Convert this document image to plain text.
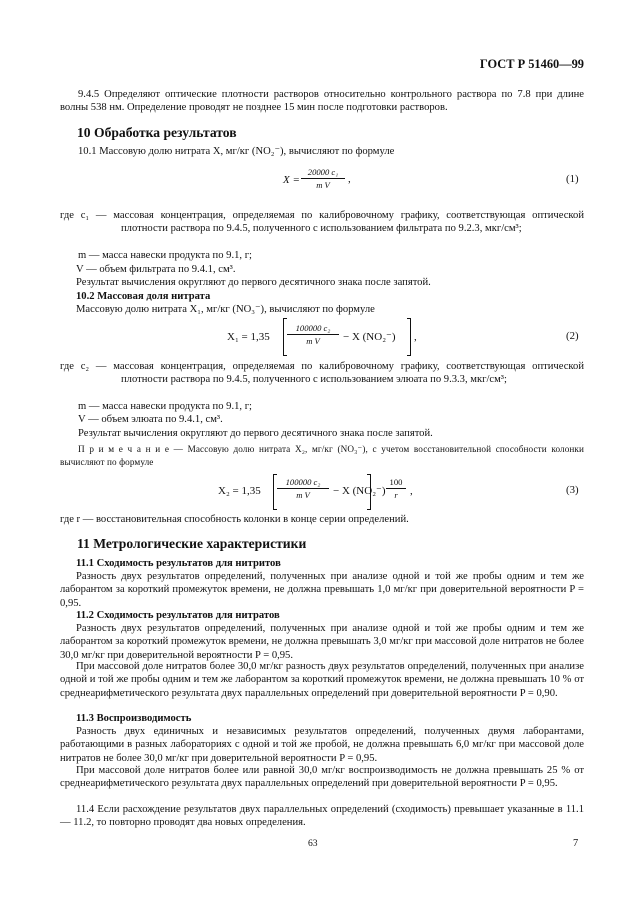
ГОСТ Р 51460—99
9.4.5 Определяют оптические плотности растворов относительно контрольного раствора по 7.8 при длине волны 538 нм. Определение проводят не позднее 15 мин после подготовки растворов.
10 Обработка результатов
10.1 Массовую долю нитрата X, мг/кг (NO₂⁻), вычисляют по формуле
$X = \frac{\text{20000 c₁}}{\text{m V}}$ ,	(1)
где c₁ — массовая концентрация, определяемая по калибровочному графику, соответствующая оптической плотности раствора по 9.4.5, полученного с использованием фильтрата по 9.2.3, мкг/см³;
m — масса навески продукта по 9.1, г;
V — объем фильтрата по 9.4.1, см³.
Результат вычисления округляют до первого десятичного знака после запятой.
10.2 Массовая доля нитрата
Массовую долю нитрата X₁, мг/кг (NO₃⁻), вычисляют по формуле
$X_1 = 1,35 \frac{\text{100000 c₂}}{\text{m V}} - X$ (NO₂⁻) ,	(2)
где c₂ — массовая концентрация, определяемая по калибровочному графику, соответствующая оптической плотности раствора по 9.4.5, полученного с использованием элюата по 9.3.3, мкг/см³;
m — масса навески продукта по 9.1, г;
V — объем элюата по 9.4.1, см³.
Результат вычисления округляют до первого десятичного знака после запятой.
П р и м е ч а н и е — Массовую долю нитрата X₂, мг/кг (NO₃⁻), с учетом восстановительной способности колонки вычисляют по формуле
$X_2 = 1,35 \frac{\text{100000 c₂}}{\text{m V}} - X$ $(NO_2^-) \frac{100}{r}$ ,	(3)
где r — восстановительная способность колонки в конце серии определений.
11 Метрологические характеристики
11.1 Сходимость результатов для нитритов
Разность двух результатов определений, полученных при анализе одной и той же пробы одним и тем же лаборантом за короткий промежуток времени, не должна превышать 1,0 мг/кг при доверительной вероятности P = 0,95.
11.2 Сходимость результатов для нитратов
Разность двух результатов определений, полученных при анализе одной и той же пробы одним и тем же лаборантом за короткий промежуток времени, не должна превышать 3,0 мг/кг при массовой доле нитратов не более 30,0 мг/кг при доверительной вероятности P = 0,95.
При массовой доле нитратов более 30,0 мг/кг разность двух результатов определений, полученных при анализе одной и той же пробы одним и тем же лаборантом за короткий промежуток времени, не должна превышать 10 % от среднеарифметического результата двух параллельных определений при доверительной вероятности P = 0,90.
11.3 Воспроизводимость
Разность двух единичных и независимых результатов определений, полученных двумя лаборантами, работающими в разных лабораториях с одной и той же пробой, не должна превышать 6,0 мг/кг при массовой доле нитратов не более 30,0 мг/кг при доверительной вероятности P = 0,95.
При массовой доле нитратов более или равной 30,0 мг/кг воспроизводимость не должна превышать 25 % от среднеарифметического результата двух параллельных определений при доверительной вероятности P = 0,95.
11.4 Если расхождение результатов двух параллельных определений (сходимость) превышает указанные в 11.1 — 11.2, то повторно проводят два новых определения.
63	7
